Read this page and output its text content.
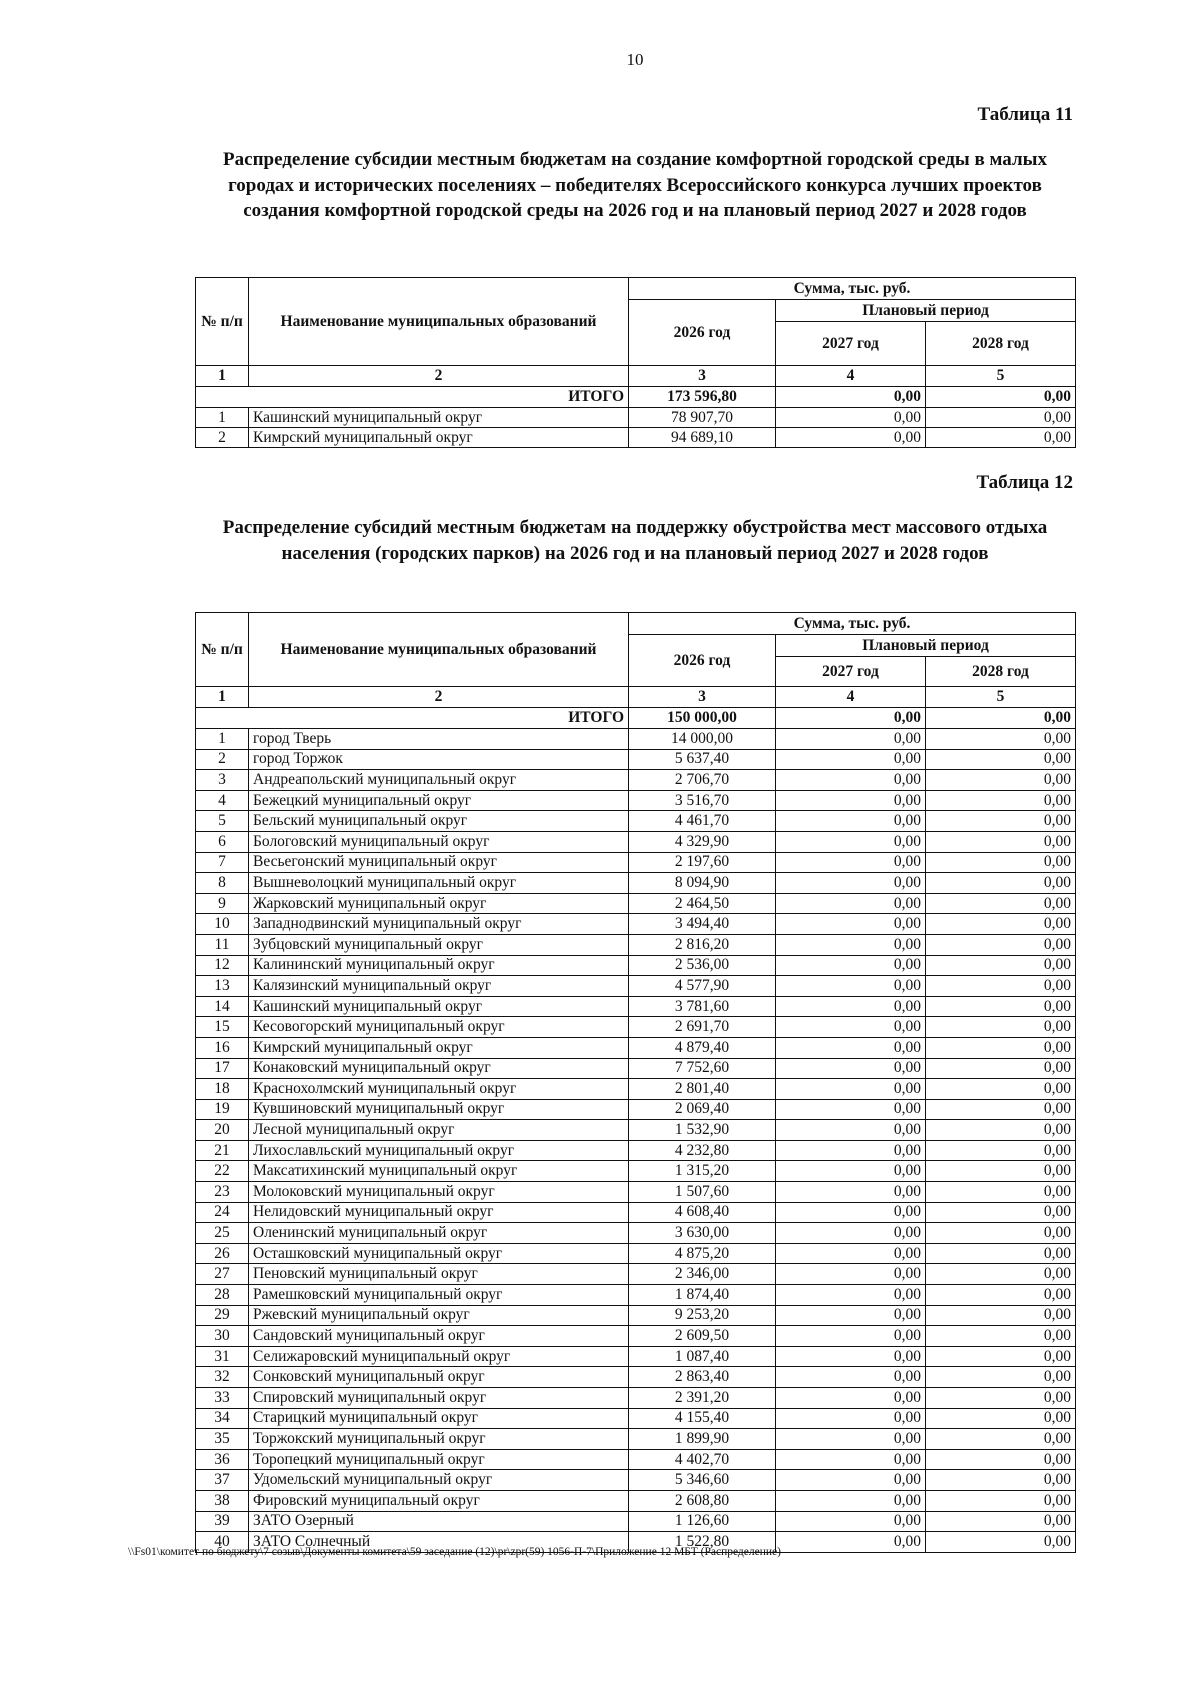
10
Таблица 11
Распределение субсидии местным бюджетам на создание комфортной городской среды в малых городах и исторических поселениях – победителях Всероссийского конкурса лучших проектов создания комфортной городской среды на 2026 год и на плановый период 2027 и 2028 годов
№ п/п	Наименование муниципальных образований	Сумма, тыс. руб.		
		2026 год	Плановый период	
			2027 год	2028 год
1	2	3	4	5
ИТОГО		173 596,80	0,00	0,00
1	Кашинский муниципальный округ	78 907,70	0,00	0,00
2	Кимрский муниципальный округ	94 689,10	0,00	0,00
Таблица 12
Распределение субсидий местным бюджетам на поддержку обустройства мест массового отдыха населения (городских парков) на 2026 год и на плановый период 2027 и 2028 годов
№ п/п	Наименование муниципальных образований	Сумма, тыс. руб.		
		2026 год	Плановый период	
			2027 год	2028 год
1	2	3	4	5
ИТОГО		150 000,00	0,00	0,00
1	город Тверь	14 000,00	0,00	0,00
2	город Торжок	5 637,40	0,00	0,00
3	Андреапольский муниципальный округ	2 706,70	0,00	0,00
4	Бежецкий муниципальный округ	3 516,70	0,00	0,00
5	Бельский муниципальный округ	4 461,70	0,00	0,00
6	Бологовский муниципальный округ	4 329,90	0,00	0,00
7	Весьегонский муниципальный округ	2 197,60	0,00	0,00
8	Вышневолоцкий муниципальный округ	8 094,90	0,00	0,00
9	Жарковский муниципальный округ	2 464,50	0,00	0,00
10	Западнодвинский муниципальный округ	3 494,40	0,00	0,00
11	Зубцовский муниципальный округ	2 816,20	0,00	0,00
12	Калининский муниципальный округ	2 536,00	0,00	0,00
13	Калязинский муниципальный округ	4 577,90	0,00	0,00
14	Кашинский муниципальный округ	3 781,60	0,00	0,00
15	Кесовогорский муниципальный округ	2 691,70	0,00	0,00
16	Кимрский муниципальный округ	4 879,40	0,00	0,00
17	Конаковский муниципальный округ	7 752,60	0,00	0,00
18	Краснохолмский муниципальный округ	2 801,40	0,00	0,00
19	Кувшиновский муниципальный округ	2 069,40	0,00	0,00
20	Лесной муниципальный округ	1 532,90	0,00	0,00
21	Лихославльский муниципальный округ	4 232,80	0,00	0,00
22	Максатихинский муниципальный округ	1 315,20	0,00	0,00
23	Молоковский муниципальный округ	1 507,60	0,00	0,00
24	Нелидовский муниципальный округ	4 608,40	0,00	0,00
25	Оленинский муниципальный округ	3 630,00	0,00	0,00
26	Осташковский муниципальный округ	4 875,20	0,00	0,00
27	Пеновский муниципальный округ	2 346,00	0,00	0,00
28	Рамешковский муниципальный округ	1 874,40	0,00	0,00
29	Ржевский муниципальный округ	9 253,20	0,00	0,00
30	Сандовский муниципальный округ	2 609,50	0,00	0,00
31	Селижаровский муниципальный округ	1 087,40	0,00	0,00
32	Сонковский муниципальный округ	2 863,40	0,00	0,00
33	Спировский муниципальный округ	2 391,20	0,00	0,00
34	Старицкий муниципальный округ	4 155,40	0,00	0,00
35	Торжокский муниципальный округ	1 899,90	0,00	0,00
36	Торопецкий муниципальный округ	4 402,70	0,00	0,00
37	Удомельский муниципальный округ	5 346,60	0,00	0,00
38	Фировский муниципальный округ	2 608,80	0,00	0,00
39	ЗАТО Озерный	1 126,60	0,00	0,00
40	ЗАТО Солнечный	1 522,80	0,00	0,00
\\Fs01\комитет по бюджету\7 созыв\Документы комитета\59 заседание (12)\pr\zpr(59) 1056-П-7\Приложение 12 МБТ (Распределение)
